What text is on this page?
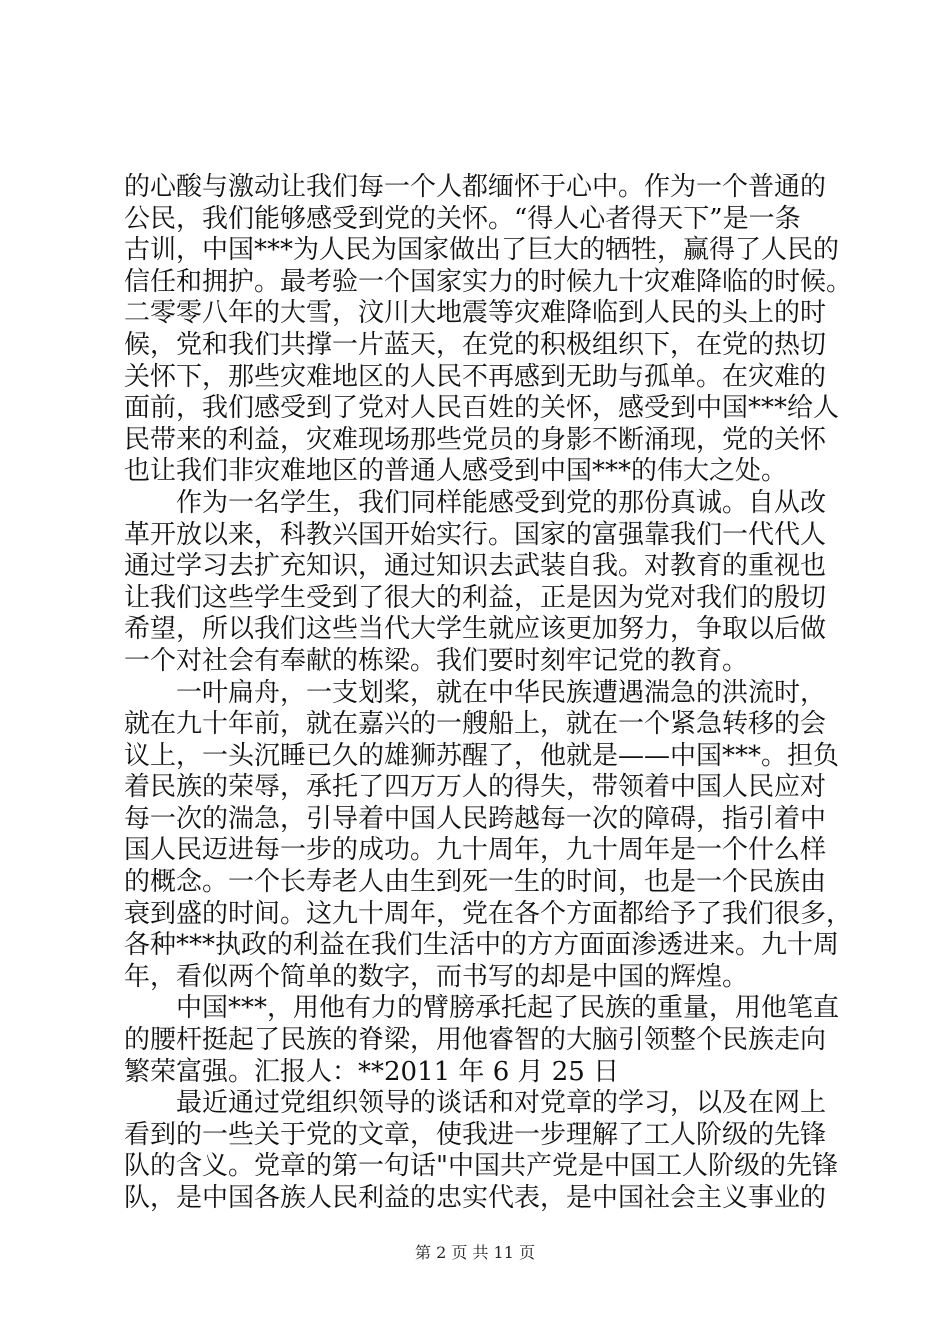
的心酸与激动让我们每一个人都缅怀于心中。作为一个普通的
公民，我们能够感受到党的关怀。“得人心者得天下”是一条
古训，中国***为人民为国家做出了巨大的牺牲，赢得了人民的
信任和拥护。最考验一个国家实力的时候九十灾难降临的时候。
二零零八年的大雪，汶川大地震等灾难降临到人民的头上的时
候，党和我们共撑一片蓝天，在党的积极组织下，在党的热切
关怀下，那些灾难地区的人民不再感到无助与孤单。在灾难的
面前，我们感受到了党对人民百姓的关怀，感受到中国***给人
民带来的利益，灾难现场那些党员的身影不断涌现，党的关怀
也让我们非灾难地区的普通人感受到中国***的伟大之处。
　　作为一名学生，我们同样能感受到党的那份真诚。自从改
革开放以来，科教兴国开始实行。国家的富强靠我们一代代人
通过学习去扩充知识，通过知识去武装自我。对教育的重视也
让我们这些学生受到了很大的利益，正是因为党对我们的殷切
希望，所以我们这些当代大学生就应该更加努力，争取以后做
一个对社会有奉献的栋梁。我们要时刻牢记党的教育。
　　一叶扁舟，一支划桨，就在中华民族遭遇湍急的洪流时，
就在九十年前，就在嘉兴的一艘船上，就在一个紧急转移的会
议上，一头沉睡已久的雄狮苏醒了，他就是——中国***。担负
着民族的荣辱，承托了四万万人的得失，带领着中国人民应对
每一次的湍急，引导着中国人民跨越每一次的障碍，指引着中
国人民迈进每一步的成功。九十周年，九十周年是一个什么样
的概念。一个长寿老人由生到死一生的时间，也是一个民族由
衰到盛的时间。这九十周年，党在各个方面都给予了我们很多，
各种***执政的利益在我们生活中的方方面面渗透进来。九十周
年，看似两个简单的数字，而书写的却是中国的辉煌。
　　中国***，用他有力的臂膀承托起了民族的重量，用他笔直
的腰杆挺起了民族的脊梁，用他睿智的大脑引领整个民族走向
繁荣富强。汇报人：**2011 年 6 月 25 日
　　最近通过党组织领导的谈话和对党章的学习，以及在网上
看到的一些关于党的文章，使我进一步理解了工人阶级的先锋
队的含义。党章的第一句话"中国共产党是中国工人阶级的先锋
队，是中国各族人民利益的忠实代表，是中国社会主义事业的
第 2 页 共 11 页
